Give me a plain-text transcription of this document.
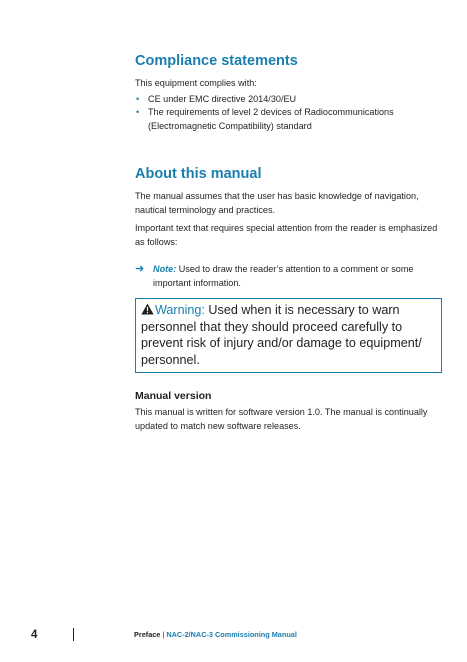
Compliance statements
This equipment complies with:
• CE under EMC directive 2014/30/EU
• The requirements of level 2 devices of Radiocommunications (Electromagnetic Compatibility) standard
About this manual
The manual assumes that the user has basic knowledge of navigation, nautical terminology and practices.
Important text that requires special attention from the reader is emphasized as follows:
➜ Note: Used to draw the reader’s attention to a comment or some important information.
Warning: Used when it is necessary to warn personnel that they should proceed carefully to prevent risk of injury and/or damage to equipment/ personnel.
Manual version
This manual is written for software version 1.0. The manual is continually updated to match new software releases.
4	Preface | NAC-2/NAC-3 Commissioning Manual
